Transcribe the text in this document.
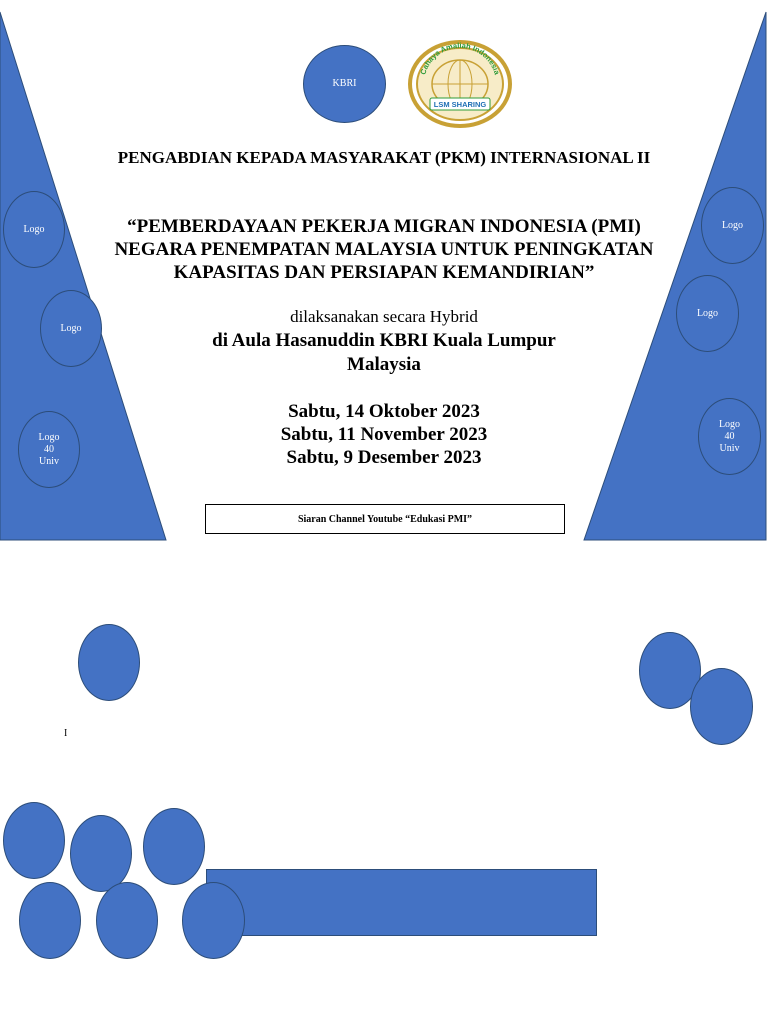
KBRI
Cahaya Amaliah Indonesia
LSM SHARING
PENGABDIAN KEPADA MASYARAKAT (PKM) INTERNASIONAL II
“PEMBERDAYAAN PEKERJA MIGRAN INDONESIA (PMI)
NEGARA PENEMPATAN MALAYSIA UNTUK PENINGKATAN
KAPASITAS DAN PERSIAPAN KEMANDIRIAN”
dilaksanakan secara Hybrid
di Aula Hasanuddin KBRI Kuala Lumpur
Malaysia
Sabtu, 14 Oktober 2023
Sabtu, 11 November 2023
Sabtu, 9 Desember 2023
Siaran Channel Youtube “Edukasi PMI”
Logo
Logo
Logo
40
Univ
Logo
Logo
Logo
40
Univ
I
